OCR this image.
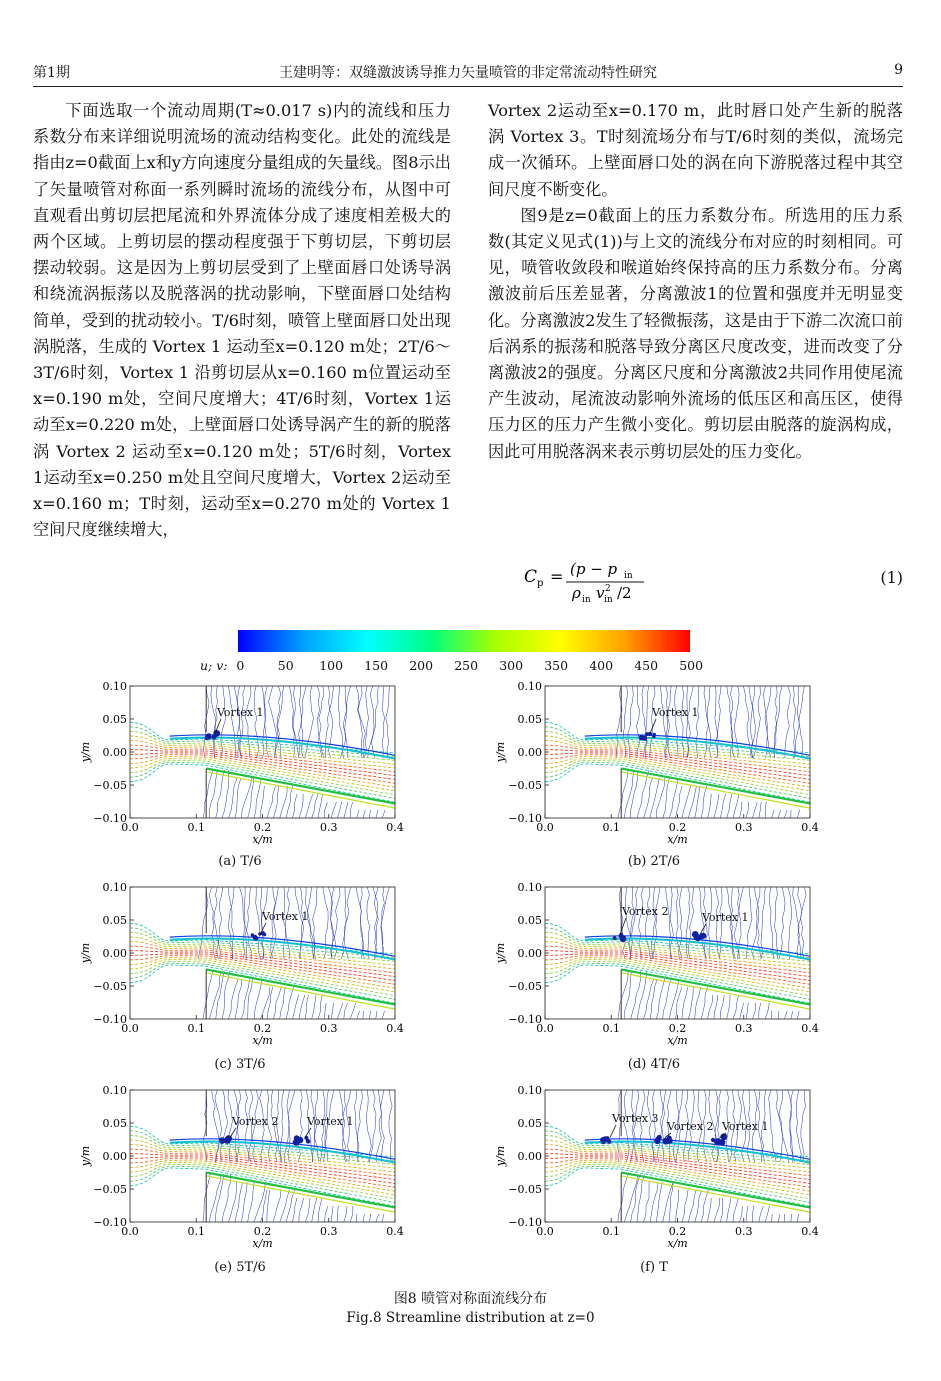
第1期	王建明等：双缝激波诱导推力矢量喷管的非定常流动特性研究	9

下面选取一个流动周期(T≈0.017 s)内的流线和压力系数分布来详细说明流场的流动结构变化。此处的流线是指由z=0截面上x和y方向速度分量组成的矢量线。图8示出了矢量喷管对称面一系列瞬时流场的流线分布，从图中可直观看出剪切层把尾流和外界流体分成了速度相差极大的两个区域。上剪切层的摆动程度强于下剪切层，下剪切层摆动较弱。这是因为上剪切层受到了上壁面唇口处诱导涡和绕流涡振荡以及脱落涡的扰动影响，下壁面唇口处结构简单，受到的扰动较小。T/6时刻，喷管上壁面唇口处出现涡脱落，生成的 Vortex 1 运动至x=0.120 m处；2T/6～3T/6时刻，Vortex 1 沿剪切层从x=0.160 m位置运动至x=0.190 m处，空间尺度增大；4T/6时刻，Vortex 1运动至x=0.220 m处，上壁面唇口处诱导涡产生的新的脱落涡 Vortex 2 运动至x=0.120 m处；5T/6时刻，Vortex 1运动至x=0.250 m处且空间尺度增大，Vortex 2运动至x=0.160 m；T时刻，运动至x=0.270 m处的 Vortex 1 空间尺度继续增大，

Vortex 2运动至x=0.170 m，此时唇口处产生新的脱落涡 Vortex 3。T时刻流场分布与T/6时刻的类似，流场完成一次循环。上壁面唇口处的涡在向下游脱落过程中其空间尺度不断变化。

图9是z=0截面上的压力系数分布。所选用的压力系数(其定义见式(1))与上文的流线分布对应的时刻相同。可见，喷管收敛段和喉道始终保持高的压力系数分布。分离激波前后压差显著，分离激波1的位置和强度并无明显变化。分离激波2发生了轻微振荡，这是由于下游二次流口前后涡系的振荡和脱落导致分离区尺度改变，进而改变了分离激波2的强度。分离区尺度和分离激波2共同作用使尾流产生波动，尾流波动影响外流场的低压区和高压区，使得压力区的压力产生微小变化。剪切层由脱落的旋涡构成，因此可用脱落涡来表示剪切层处的压力变化。

C p = (p − p in
ρ in v in
2 /2
(1)
u; v: 0	50 100 150 200 250 300 350 400 450 500
Vortex 1
0.0	0.1	0.2	0.3	0.4
0.10
0.05
0.00
−0.05
−0.10
x/m
y/m
(a) T/6
Vortex 1
0.0	0.1	0.2	0.3	0.4
0.10
0.05
0.00
−0.05
−0.10
x/m
y/m
(b) 2T/6
Vortex 1
0.0	0.1	0.2	0.3	0.4
0.10
0.05
0.00
−0.05
−0.10
x/m
y/m
(c) 3T/6
Vortex 2	Vortex 1
0.0	0.1	0.2	0.3	0.4
0.10
0.05
0.00
−0.05
−0.10
x/m
y/m
(d) 4T/6
Vortex 2	Vortex 1
0.0	0.1	0.2	0.3	0.4
0.10
0.05
0.00
−0.05
−0.10
x/m
y/m
(e) 5T/6
Vortex 3
Vortex 2 Vortex 1
0.0	0.1	0.2	0.3	0.4
0.10
0.05
0.00
−0.05
−0.10
x/m
y/m
(f) T
图8 喷管对称面流线分布
Fig.8 Streamline distribution at z=0
